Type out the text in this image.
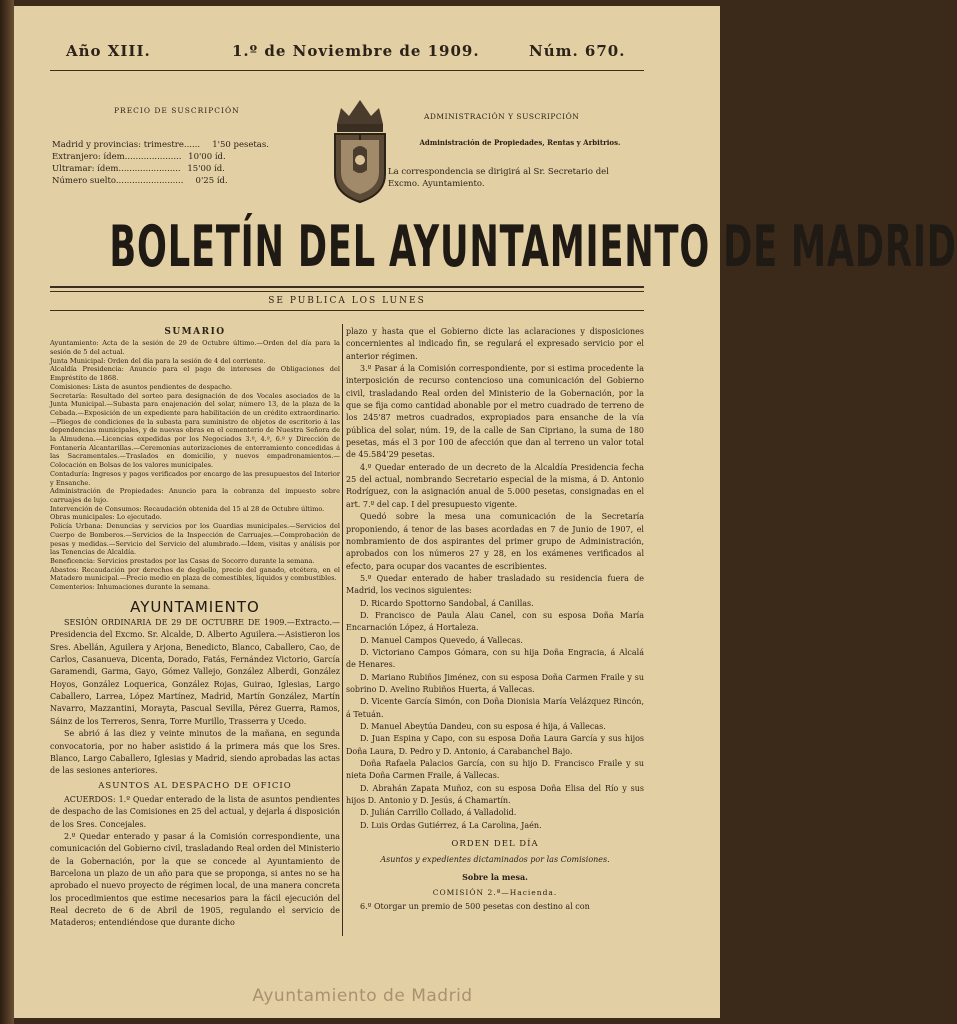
Año XIII.	1.º de Noviembre de 1909.	Núm. 670.
PRECIO DE SUSCRIPCIÓN
Madrid y provincias: trimestre...... 1'50 pesetas.
Extranjero: ídem..................... 10'00 íd.
Ultramar: ídem....................... 15'00 íd.
Número suelto......................... 0'25 íd.
ADMINISTRACIÓN Y SUSCRIPCIÓN
Administración de Propiedades, Rentas y Arbitrios.
La correspondencia se dirigirá al Sr. Secretario del Excmo. Ayuntamiento.
BOLETÍN DEL AYUNTAMIENTO DE MADRID
SE PUBLICA LOS LUNES
SUMARIO

Ayuntamiento: Acta de la sesión de 29 de Octubre último.—Orden del día para la sesión de 5 del actual.

Junta Municipal: Orden del día para la sesión de 4 del corriente.

Alcaldía Presidencia: Anuncio para el pago de intereses de Obligaciones del Empréstito de 1868.

Comisiones: Lista de asuntos pendientes de despacho.

Secretaría: Resultado del sorteo para designación de dos Vocales asociados de la Junta Municipal.—Subasta para enajenación del solar, número 13, de la plaza de la Cebada.—Exposición de un expediente para habilitación de un crédito extraordinario.—Pliegos de condiciones de la subasta para suministro de objetos de escritorio á las dependencias municipales, y de nuevas obras en el cementerio de Nuestra Señora de la Almudena.—Licencias expedidas por los Negociados 3.º, 4.º, 6.º y Dirección de Fontanería Alcantarillas.—Ceremonias autorizaciones de enterramiento concedidas á las Sacramentales.—Traslados en domicilio, y nuevos empadronamientos.—Colocación en Bolsas de los valores municipales.

Contaduría: Ingresos y pagos verificados por encargo de las presupuestos del Interior y Ensanche.

Administración de Propiedades: Anuncio para la cobranza del impuesto sobre carruajes de lujo.

Intervención de Consumos: Recaudación obtenida del 15 al 28 de Octubre último.

Obras municipales: Lo ejecutado.

Policía Urbana: Denuncias y servicios por los Guardias municipales.—Servicios del Cuerpo de Bomberos.—Servicios de la Inspección de Carruajes.—Comprobación de pesas y medidas.—Servicio del Servicio del alumbrado.—Ídem, visitas y análisis por las Tenencias de Alcaldía.

Beneficencia: Servicios prestados por las Casas de Socorro durante la semana.

Abastos: Recaudación por derechos de degüello, precio del ganado, etcétera, en el Matadero municipal.—Precio medio en plaza de comestibles, líquidos y combustibles.

Cementerios: Inhumaciones durante la semana.

AYUNTAMIENTO

SESIÓN ORDINARIA DE 29 DE OCTUBRE DE 1909.—Extracto.—Presidencia del Excmo. Sr. Alcalde, D. Alberto Aguilera.—Asistieron los Sres. Abellán, Aguilera y Arjona, Benedicto, Blanco, Caballero, Cao, de Carlos, Casanueva, Dicenta, Dorado, Fatás, Fernández Victorio, García Garamendi, Garma, Gayo, Gómez Vallejo, González Alberdi, González Hoyos, González Loquerica, González Rojas, Guirao, Iglesias, Largo Caballero, Larrea, López Martínez, Madrid, Martín González, Martín Navarro, Mazzantini, Morayta, Pascual Sevilla, Pérez Guerra, Ramos, Sáinz de los Terreros, Senra, Torre Murillo, Trasserra y Ucedo.

Se abrió á las diez y veinte minutos de la mañana, en segunda convocatoria, por no haber asistido á la primera más que los Sres. Blanco, Largo Caballero, Iglesias y Madrid, siendo aprobadas las actas de las sesiones anteriores.

ASUNTOS AL DESPACHO DE OFICIO

ACUERDOS: 1.º Quedar enterado de la lista de asuntos pendientes de despacho de las Comisiones en 25 del actual, y dejarla á disposición de los Sres. Concejales.

2.º Quedar enterado y pasar á la Comisión correspondiente, una comunicación del Gobierno civil, trasladando Real orden del Ministerio de la Gobernación, por la que se concede al Ayuntamiento de Barcelona un plazo de un año para que se proponga, si antes no se ha aprobado el nuevo proyecto de régimen local, de una manera concreta los procedimientos que estime necesarios para la fácil ejecución del Real decreto de 6 de Abril de 1905, regulando el servicio de Mataderos; entendiéndose que durante dicho

plazo y hasta que el Gobierno dicte las aclaraciones y disposiciones concernientes al indicado fin, se regulará el expresado servicio por el anterior régimen.

3.º Pasar á la Comisión correspondiente, por si estima procedente la interposición de recurso contencioso una comunicación del Gobierno civil, trasladando Real orden del Ministerio de la Gobernación, por la que se fija como cantidad abonable por el metro cuadrado de terreno de los 245'87 metros cuadrados, expropiados para ensanche de la vía pública del solar, núm. 19, de la calle de San Cipriano, la suma de 180 pesetas, más el 3 por 100 de afección que dan al terreno un valor total de 45.584'29 pesetas.

4.º Quedar enterado de un decreto de la Alcaldía Presidencia fecha 25 del actual, nombrando Secretario especial de la misma, á D. Antonio Rodríguez, con la asignación anual de 5.000 pesetas, consignadas en el art. 7.º del cap. I del presupuesto vigente.

Quedó sobre la mesa una comunicación de la Secretaría proponiendo, á tenor de las bases acordadas en 7 de Junio de 1907, el nombramiento de dos aspirantes del primer grupo de Administración, aprobados con los números 27 y 28, en los exámenes verificados al efecto, para ocupar dos vacantes de escribientes.

5.º Quedar enterado de haber trasladado su residencia fuera de Madrid, los vecinos siguientes:

D. Ricardo Spottorno Sandobal, á Canillas.

D. Francisco de Paula Alau Canel, con su esposa Doña María Encarnación López, á Hortaleza.

D. Manuel Campos Quevedo, á Vallecas.

D. Victoriano Campos Gómara, con su hija Doña Engracia, á Alcalá de Henares.

D. Mariano Rubiños Jiménez, con su esposa Doña Carmen Fraile y su sobrino D. Avelino Rubiños Huerta, á Vallecas.

D. Vicente García Simón, con Doña Dionisia María Velázquez Rincón, á Tetuán.

D. Manuel Abeytúa Dandeu, con su esposa é hija, á Vallecas.

D. Juan Espina y Capo, con su esposa Doña Laura García y sus hijos Doña Laura, D. Pedro y D. Antonio, á Carabanchel Bajo.

Doña Rafaela Palacios García, con su hijo D. Francisco Fraile y su nieta Doña Carmen Fraile, á Vallecas.

D. Abrahán Zapata Muñoz, con su esposa Doña Elisa del Río y sus hijos D. Antonio y D. Jesús, á Chamartín.

D. Julián Carrillo Collado, á Valladolid.

D. Luis Ordas Gutiérrez, á La Carolina, Jaén.

ORDEN DEL DÍA
Asuntos y expedientes dictaminados por las Comisiones.
Sobre la mesa.
COMISIÓN 2.ª—Hacienda.

6.º Otorgar un premio de 500 pesetas con destino al con

Ayuntamiento de Madrid
